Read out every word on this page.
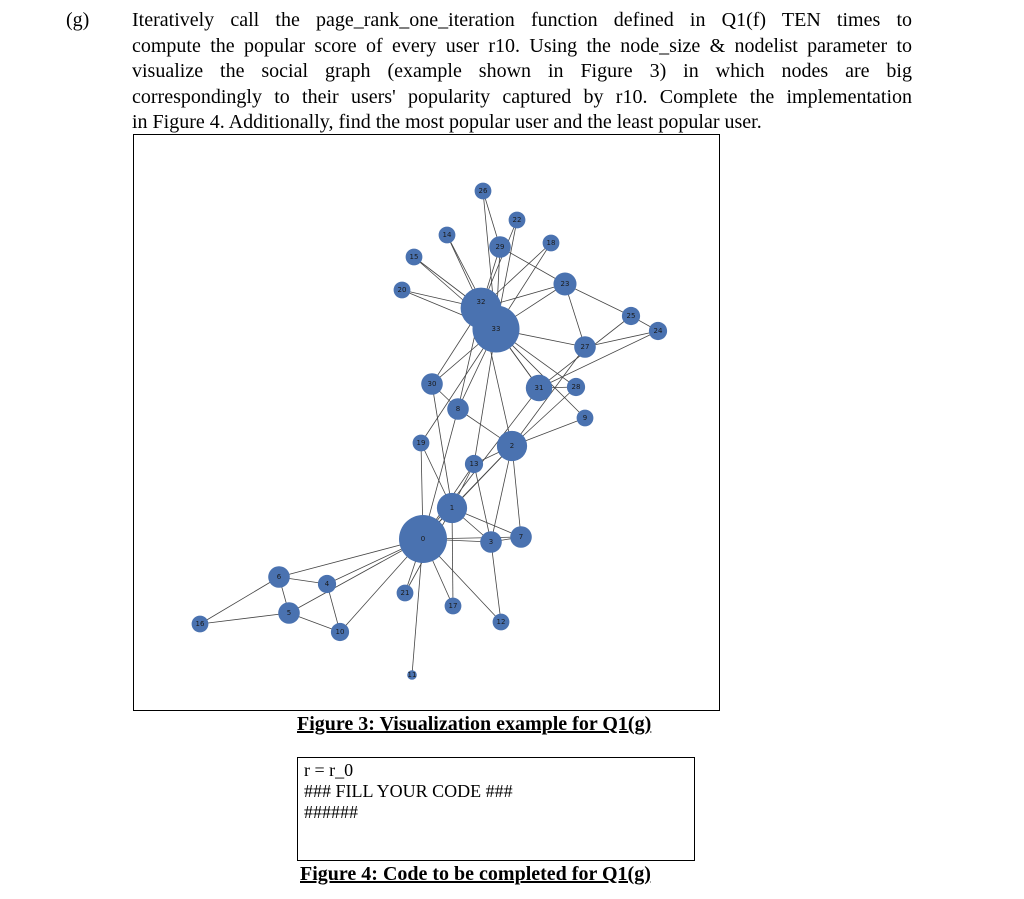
(g) Iteratively call the page_rank_one_iteration function defined in Q1(f) TEN times to
compute the popular score of every user r10. Using the node_size & nodelist parameter to
visualize the social graph (example shown in Figure 3) in which nodes are big
correspondingly to their users' popularity captured by r10. Complete the implementation
in Figure 4. Additionally, find the most popular user and the least popular user.
0
1
2
3
4
5
6
7
8
9
10
11
12
13
14
15
16
17
18
19
20
21
22
23
24
25
26
27
28
29
30	31
32
33
Figure 3: Visualization example for Q1(g)
r = r_0
### FILL YOUR CODE ###
######
Figure 4: Code to be completed for Q1(g)
